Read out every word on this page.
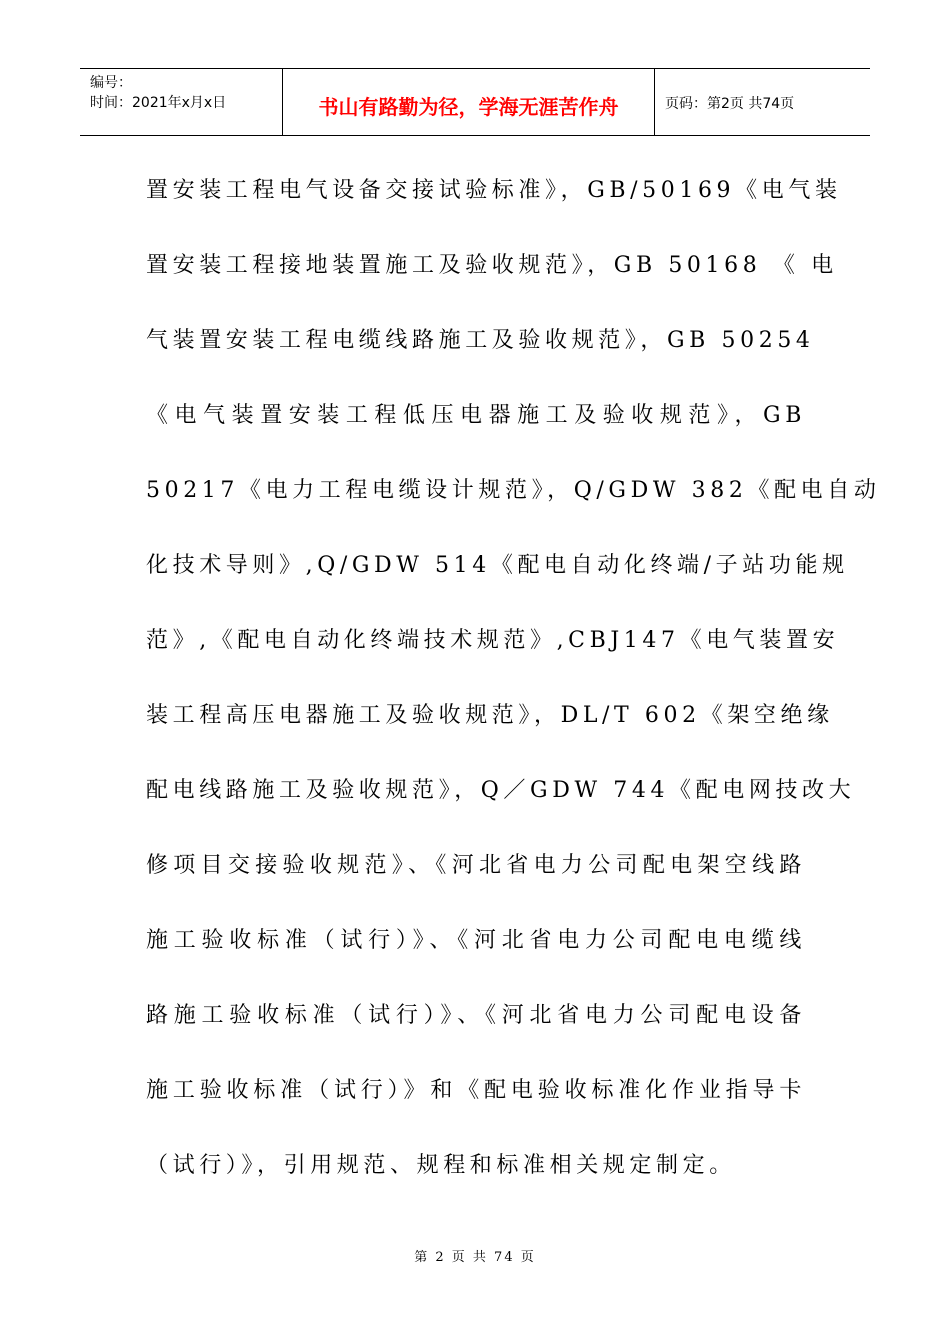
编号：
时间：2021年x月x日	书山有路勤为径，学海无涯苦作舟	页码：第2页 共74页
置安装工程电气设备交接试验标准》，GB/50169《电气装
置安装工程接地装置施工及验收规范》，GB 50168 《 电
气装置安装工程电缆线路施工及验收规范》，GB 50254
《电气装置安装工程低压电器施工及验收规范》，GB
50217《电力工程电缆设计规范》，Q/GDW 382《配电自动
化技术导则》,Q/GDW 514《配电自动化终端/子站功能规
范》,《配电自动化终端技术规范》,CBJ147《电气装置安
装工程高压电器施工及验收规范》，DL/T 602《架空绝缘
配电线路施工及验收规范》，Q／GDW 744《配电网技改大
修项目交接验收规范》、《河北省电力公司配电架空线路
施工验收标准（试行）》、《河北省电力公司配电电缆线
路施工验收标准（试行）》、《河北省电力公司配电设备
施工验收标准（试行）》和《配电验收标准化作业指导卡
（试行）》，引用规范、规程和标准相关规定制定。
第 2 页 共 74 页
